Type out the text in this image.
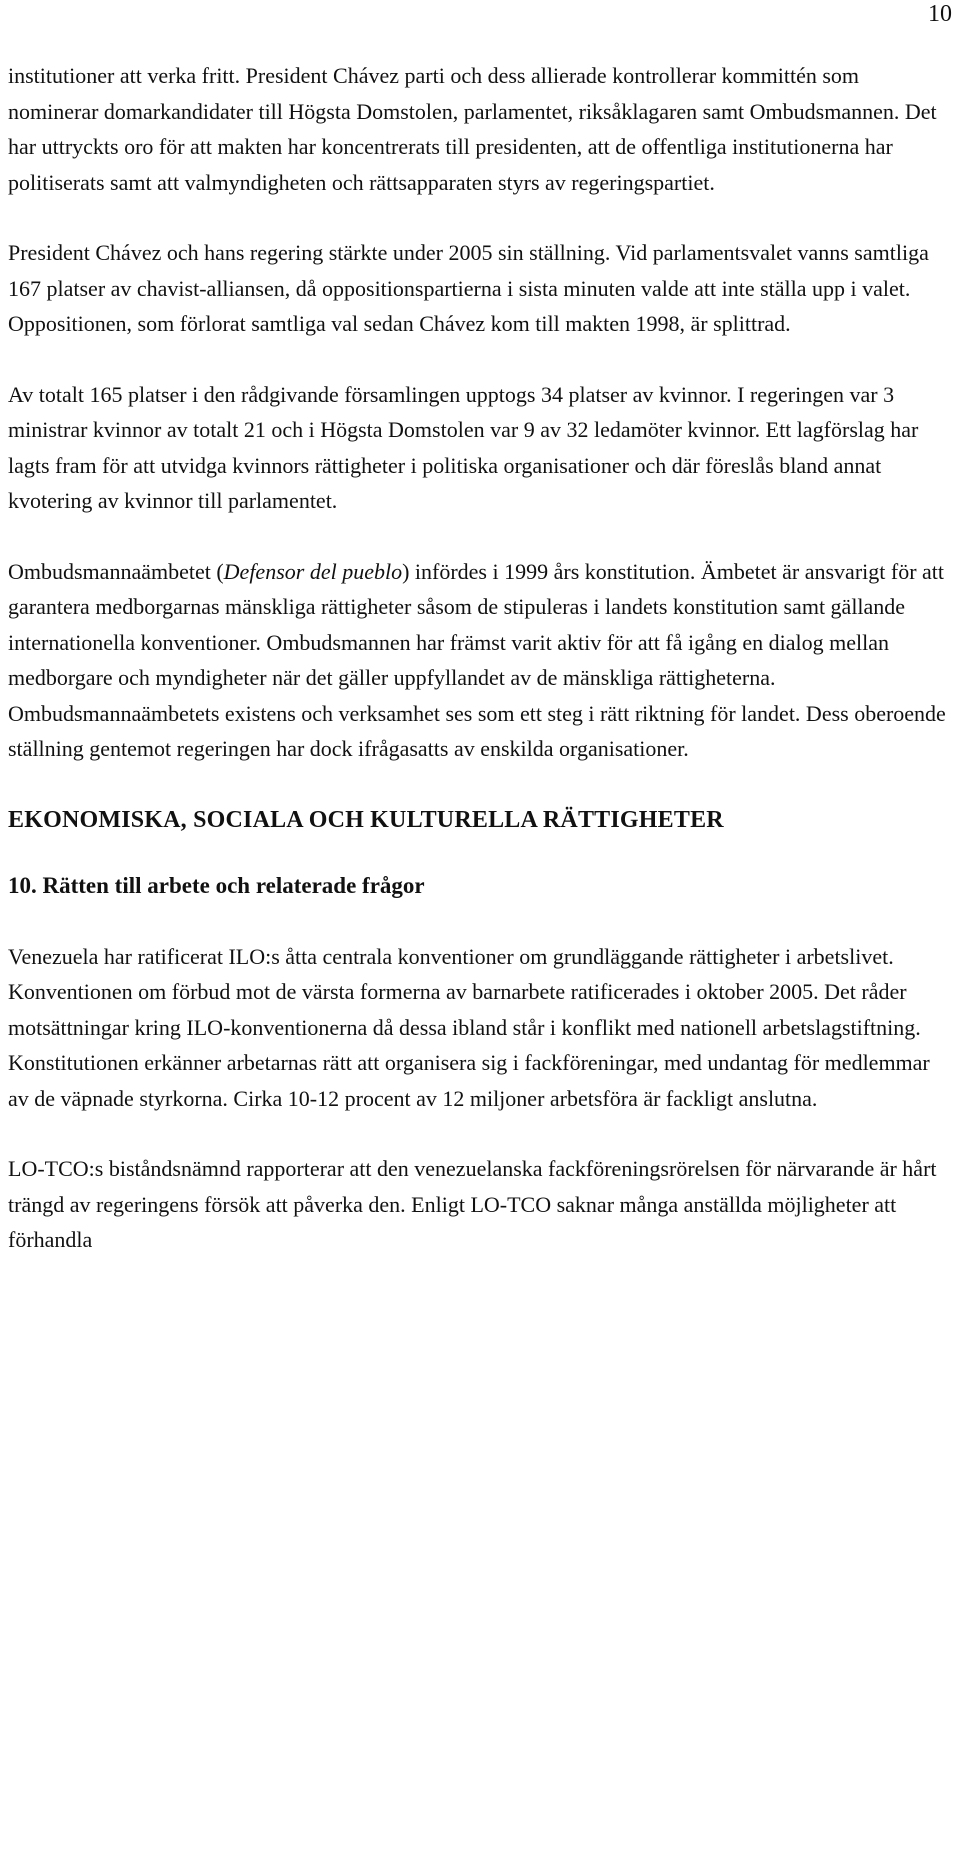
10

institutioner att verka fritt. President Chávez parti och dess allierade kontrollerar kommittén som nominerar domarkandidater till Högsta Domstolen, parlamentet, riksåklagaren samt Ombudsmannen. Det har uttryckts oro för att makten har koncentrerats till presidenten, att de offentliga institutionerna har politiserats samt att valmyndigheten och rättsapparaten styrs av regeringspartiet.

President Chávez och hans regering stärkte under 2005 sin ställning. Vid parlamentsvalet vanns samtliga 167 platser av chavist-alliansen, då oppositionspartierna i sista minuten valde att inte ställa upp i valet. Oppositionen, som förlorat samtliga val sedan Chávez kom till makten 1998, är splittrad.

Av totalt 165 platser i den rådgivande församlingen upptogs 34 platser av kvinnor. I regeringen var 3 ministrar kvinnor av totalt 21 och i Högsta Domstolen var 9 av 32 ledamöter kvinnor. Ett lagförslag har lagts fram för att utvidga kvinnors rättigheter i politiska organisationer och där föreslås bland annat kvotering av kvinnor till parlamentet.

Ombudsmannaämbetet (Defensor del pueblo) infördes i 1999 års konstitution. Ämbetet är ansvarigt för att garantera medborgarnas mänskliga rättigheter såsom de stipuleras i landets konstitution samt gällande internationella konventioner. Ombudsmannen har främst varit aktiv för att få igång en dialog mellan medborgare och myndigheter när det gäller uppfyllandet av de mänskliga rättigheterna. Ombudsmannaämbetets existens och verksamhet ses som ett steg i rätt riktning för landet. Dess oberoende ställning gentemot regeringen har dock ifrågasatts av enskilda organisationer.

EKONOMISKA, SOCIALA OCH KULTURELLA RÄTTIGHETER
10. Rätten till arbete och relaterade frågor

Venezuela har ratificerat ILO:s åtta centrala konventioner om grundläggande rättigheter i arbetslivet. Konventionen om förbud mot de värsta formerna av barnarbete ratificerades i oktober 2005. Det råder motsättningar kring ILO-konventionerna då dessa ibland står i konflikt med nationell arbetslagstiftning. Konstitutionen erkänner arbetarnas rätt att organisera sig i fackföreningar, med undantag för medlemmar av de väpnade styrkorna. Cirka 10-12 procent av 12 miljoner arbetsföra är fackligt anslutna.

LO-TCO:s biståndsnämnd rapporterar att den venezuelanska fackföreningsrörelsen för närvarande är hårt trängd av regeringens försök att påverka den. Enligt LO-TCO saknar många anställda möjligheter att förhandla
